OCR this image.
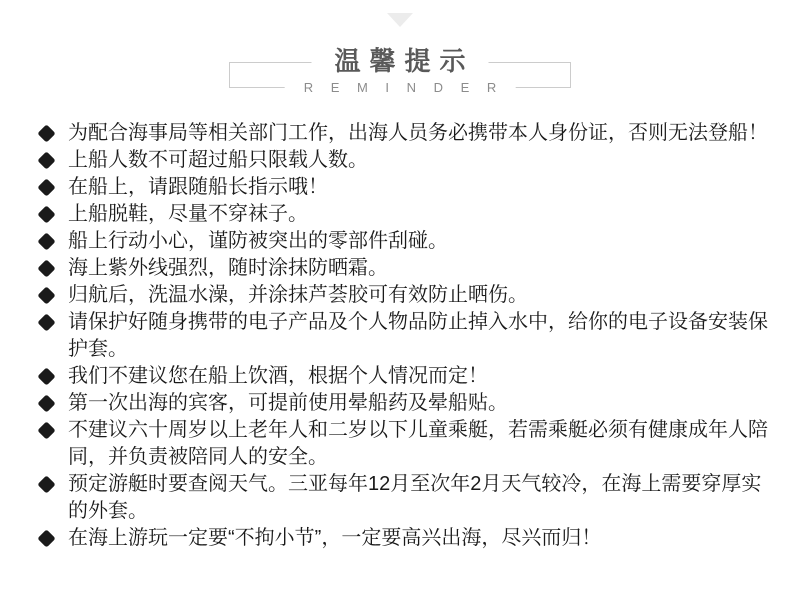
温馨提示
R E M I N D E R
为配合海事局等相关部门工作，出海人员务必携带本人身份证，否则无法登船！
上船人数不可超过船只限载人数。
在船上，请跟随船长指示哦！
上船脱鞋，尽量不穿袜子。
船上行动小心，谨防被突出的零部件刮碰。
海上紫外线强烈，随时涂抹防晒霜。
归航后，洗温水澡，并涂抹芦荟胶可有效防止晒伤。
请保护好随身携带的电子产品及个人物品防止掉入水中，给你的电子设备安装保护套。
我们不建议您在船上饮酒，根据个人情况而定！
第一次出海的宾客，可提前使用晕船药及晕船贴。
不建议六十周岁以上老年人和二岁以下儿童乘艇，若需乘艇必须有健康成年人陪同，并负责被陪同人的安全。
预定游艇时要查阅天气。三亚每年12月至次年2月天气较冷，在海上需要穿厚实的外套。
在海上游玩一定要“不拘小节”，一定要高兴出海，尽兴而归！
